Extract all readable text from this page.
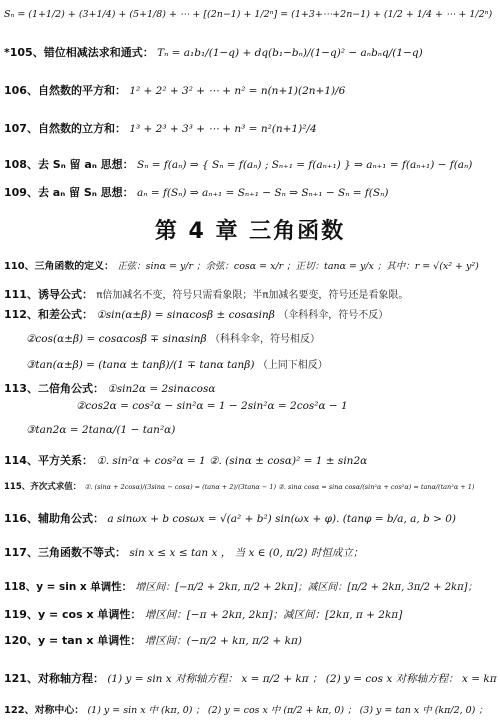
Sₙ = (1+1/2) + (3+1/4) + (5+1/8) + ⋯ + [(2n−1) + 1/2ⁿ] = (1+3+⋯+2n−1) + (1/2 + 1/4 + ⋯ + 1/2ⁿ)
*105、错位相减法求和通式： Tₙ = a₁b₁/(1−q) + dq(b₁−bₙ)/(1−q)² − aₙbₙq/(1−q)
106、自然数的平方和： 1² + 2² + 3² + ⋯ + n² = n(n+1)(2n+1)/6
107、自然数的立方和： 1³ + 2³ + 3³ + ⋯ + n³ = n²(n+1)²/4
108、去 Sₙ 留 aₙ 思想： Sₙ = f(aₙ) ⇒ { Sₙ = f(aₙ) ; Sₙ₊₁ = f(aₙ₊₁) } ⇒ aₙ₊₁ = f(aₙ₊₁) − f(aₙ)
109、去 aₙ 留 Sₙ 思想： aₙ = f(Sₙ) ⇒ aₙ₊₁ = Sₙ₊₁ − Sₙ ⇒ Sₙ₊₁ − Sₙ = f(Sₙ)
第 4 章 三角函数
110、三角函数的定义： 正弦：sinα = y/r ；余弦：cosα = x/r ；正切：tanα = y/x ；其中：r = √(x² + y²)
111、诱导公式： π倍加减名不变，符号只需看象限；半π加减名要变，符号还是看象限。
112、和差公式： ①sin(α±β) = sinαcosβ ± cosαsinβ （伞科科伞，符号不反）
②cos(α±β) = cosαcosβ ∓ sinαsinβ （科科伞伞，符号相反）
③tan(α±β) = (tanα ± tanβ)/(1 ∓ tanα tanβ) （上同下相反）
113、二倍角公式： ①sin2α = 2sinαcosα
②cos2α = cos²α − sin²α = 1 − 2sin²α = 2cos²α − 1
③tan2α = 2tanα/(1 − tan²α)
114、平方关系： ①. sin²α + cos²α = 1 ②. (sinα ± cosα)² = 1 ± sin2α
115、齐次式求值： ①. (sinα + 2cosα)/(3sinα − cosα) = (tanα + 2)/(3tanα − 1) ②. sinα cosα = sinα cosα/(sin²α + cos²α) = tanα/(tan²α + 1)
116、辅助角公式： a sinωx + b cosωx = √(a² + b²) sin(ωx + φ). (tanφ = b/a, a, b > 0)
117、三角函数不等式： sin x ≤ x ≤ tan x ， 当 x ∈ (0, π/2) 时恒成立；
118、y = sin x 单调性： 增区间：[−π/2 + 2kπ, π/2 + 2kπ]；减区间：[π/2 + 2kπ, 3π/2 + 2kπ]；
119、y = cos x 单调性： 增区间：[−π + 2kπ, 2kπ]；减区间：[2kπ, π + 2kπ]
120、y = tan x 单调性： 增区间：(−π/2 + kπ, π/2 + kπ)
121、对称轴方程： (1) y = sin x 对称轴方程： x = π/2 + kπ ； (2) y = cos x 对称轴方程： x = kπ
122、对称中心： (1) y = sin x 中 (kπ, 0) ； (2) y = cos x 中 (π/2 + kπ, 0) ； (3) y = tan x 中 (kπ/2, 0) ；
